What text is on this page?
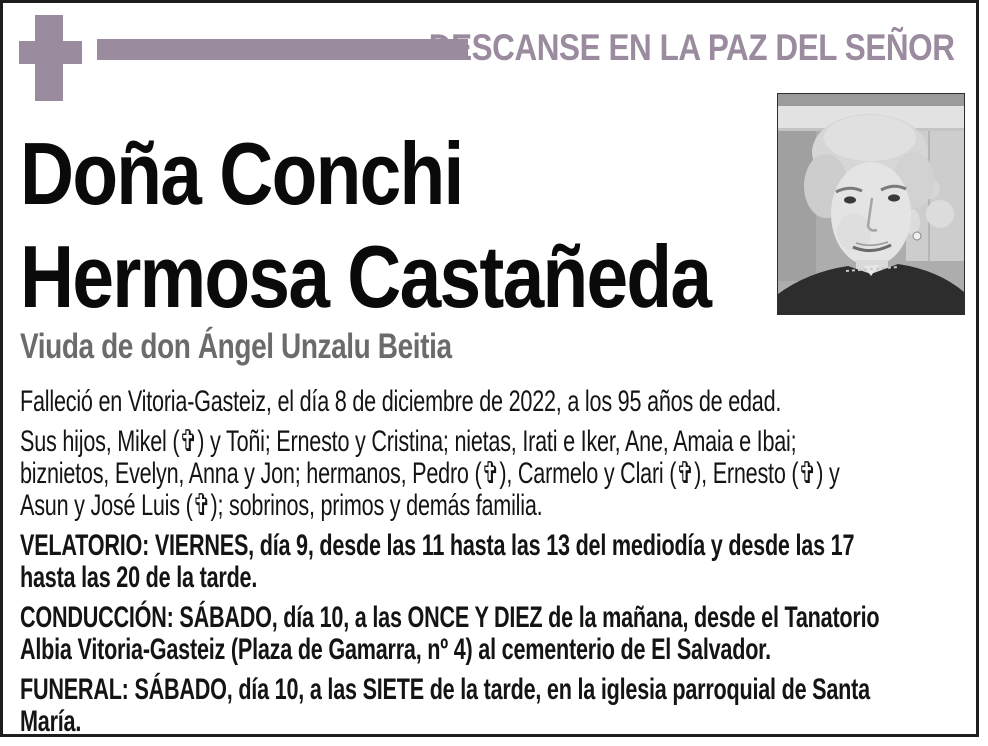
DESCANSE EN LA PAZ DEL SEÑOR
Doña Conchi
Hermosa Castañeda
Viuda de don Ángel Unzalu Beitia
Falleció en Vitoria-Gasteiz, el día 8 de diciembre de 2022, a los 95 años de edad.
Sus hijos, Mikel (✞) y Toñi; Ernesto y Cristina; nietas, Irati e Iker, Ane, Amaia e Ibai;
biznietos, Evelyn, Anna y Jon; hermanos, Pedro (✞), Carmelo y Clari (✞), Ernesto (✞) y
Asun y José Luis (✞); sobrinos, primos y demás familia.
VELATORIO: VIERNES, día 9, desde las 11 hasta las 13 del mediodía y desde las 17
hasta las 20 de la tarde.
CONDUCCIÓN: SÁBADO, día 10, a las ONCE Y DIEZ de la mañana, desde el Tanatorio
Albia Vitoria-Gasteiz (Plaza de Gamarra, nº 4) al cementerio de El Salvador.
FUNERAL: SÁBADO, día 10, a las SIETE de la tarde, en la iglesia parroquial de Santa
María.
